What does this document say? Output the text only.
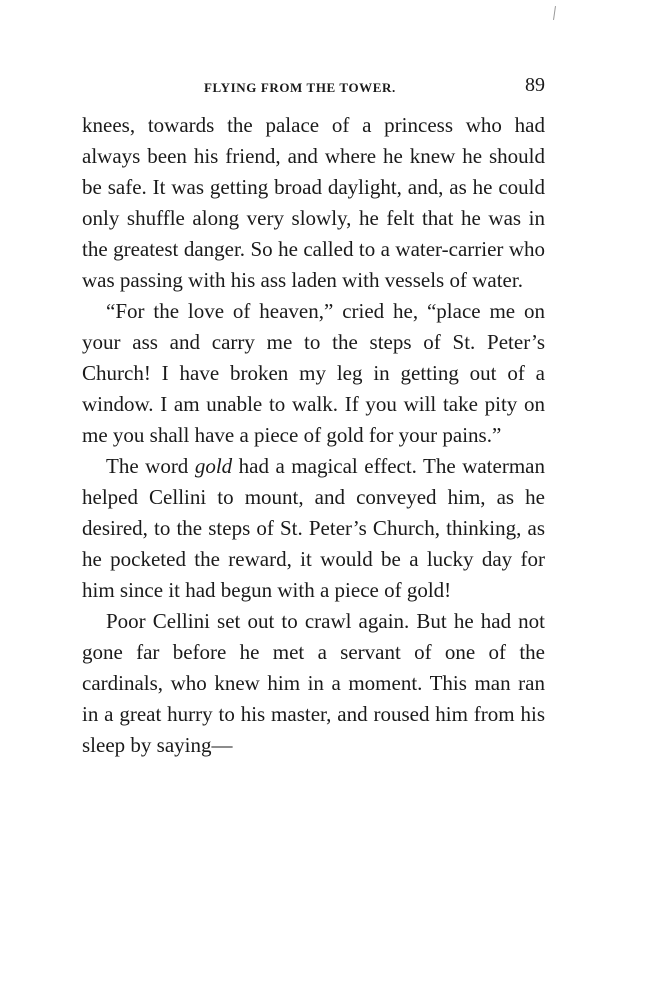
FLYING FROM THE TOWER.	89

knees, towards the palace of a princess who had always been his friend, and where he knew he should be safe. It was getting broad daylight, and, as he could only shuffle along very slowly, he felt that he was in the greatest danger. So he called to a water-carrier who was passing with his ass laden with vessels of water.

“For the love of heaven,” cried he, “place me on your ass and carry me to the steps of St. Peter’s Church! I have broken my leg in getting out of a window. I am unable to walk. If you will take pity on me you shall have a piece of gold for your pains.”

The word gold had a magical effect. The waterman helped Cellini to mount, and conveyed him, as he desired, to the steps of St. Peter’s Church, thinking, as he pocketed the reward, it would be a lucky day for him since it had begun with a piece of gold!

Poor Cellini set out to crawl again. But he had not gone far before he met a servant of one of the cardinals, who knew him in a moment. This man ran in a great hurry to his master, and roused him from his sleep by saying—
